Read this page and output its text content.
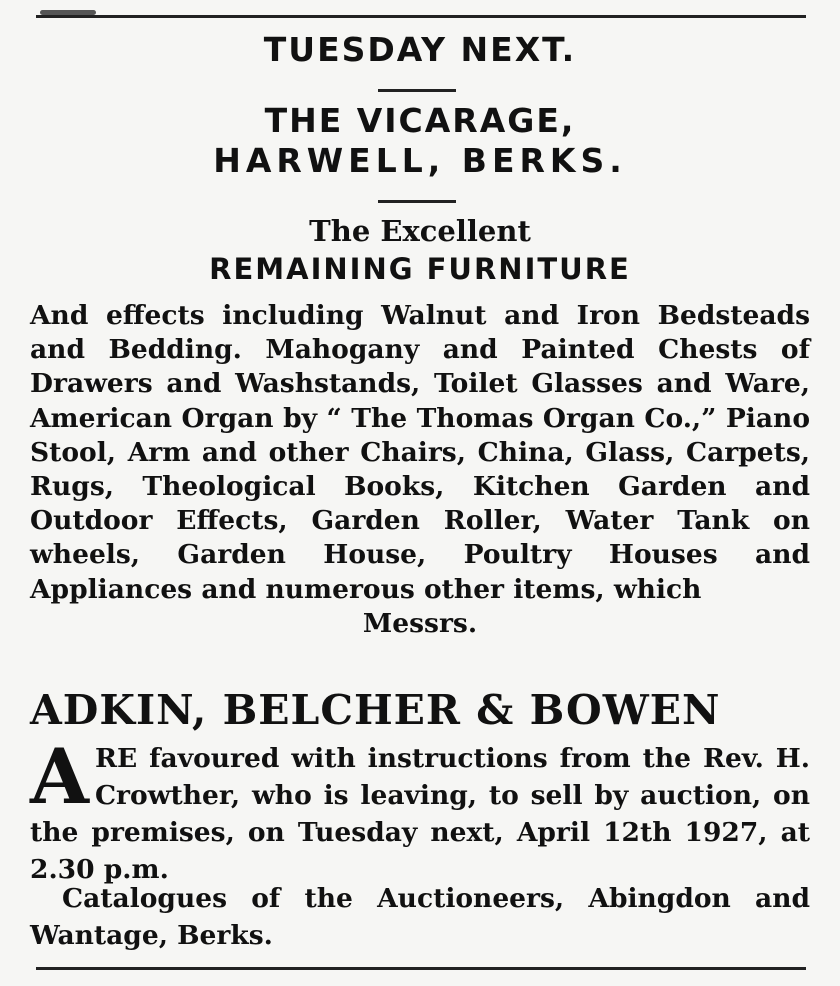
TUESDAY NEXT.
THE VICARAGE,
HARWELL, BERKS.
The Excellent
REMAINING FURNITURE
And effects including Walnut and Iron Bedsteads and Bedding. Mahogany and Painted Chests of Drawers and Washstands, Toilet Glasses and Ware, American Organ by “ The Thomas Organ Co.,” Piano Stool, Arm and other Chairs, China, Glass, Carpets, Rugs, Theological Books, Kitchen Garden and Outdoor Effects, Garden Roller, Water Tank on wheels, Garden House, Poultry Houses and Appliances and numerous other items, which
Messrs.
ADKIN, BELCHER & BOWEN

ARE favoured with instructions from the Rev. H. Crowther, who is leaving, to sell by auction, on the premises, on Tuesday next, April 12th 1927, at 2.30 p.m.

Catalogues of the Auctioneers, Abingdon and Wantage, Berks.
